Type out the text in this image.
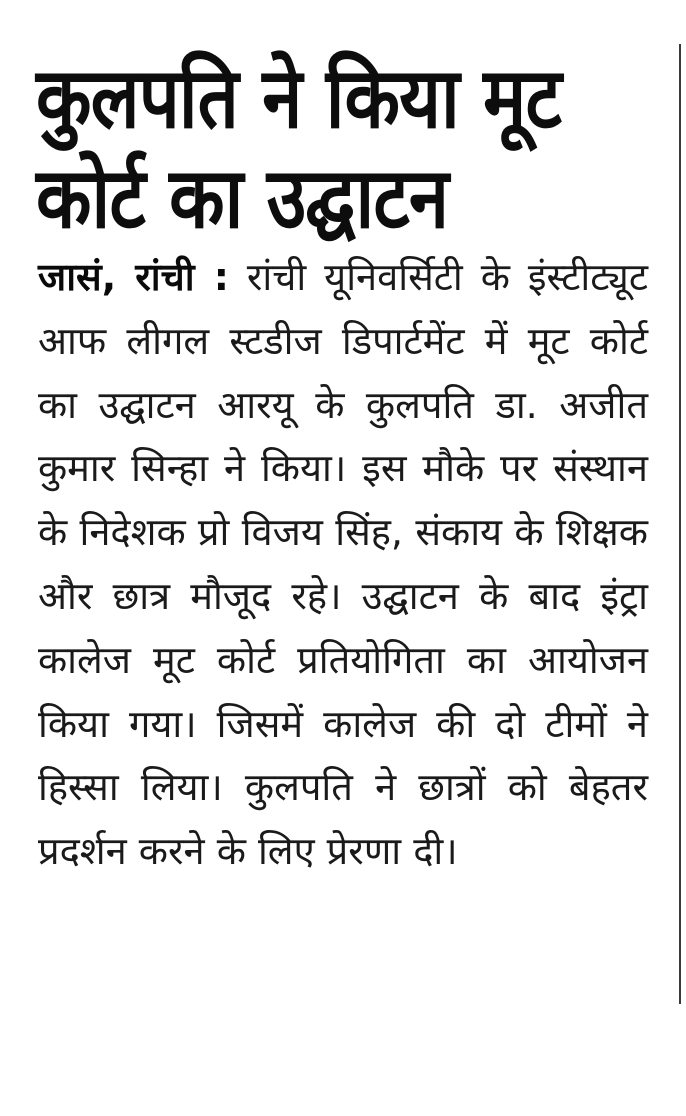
कुलपति ने किया मूट
कोर्ट का उद्घाटन

जासं, रांची : रांची यूनिवर्सिटी के इंस्टीट्यूट आफ लीगल स्टडीज डिपार्टमेंट में मूट कोर्ट का उद्घाटन आरयू के कुलपति डा. अजीत कुमार सिन्हा ने किया। इस मौके पर संस्थान के निदेशक प्रो विजय सिंह, संकाय के शिक्षक और छात्र मौजूद रहे। उद्घाटन के बाद इंट्रा कालेज मूट कोर्ट प्रतियोगिता का आयोजन किया गया। जिसमें कालेज की दो टीमों ने हिस्सा लिया। कुलपति ने छात्रों को बेहतर प्रदर्शन करने के लिए प्रेरणा दी।
